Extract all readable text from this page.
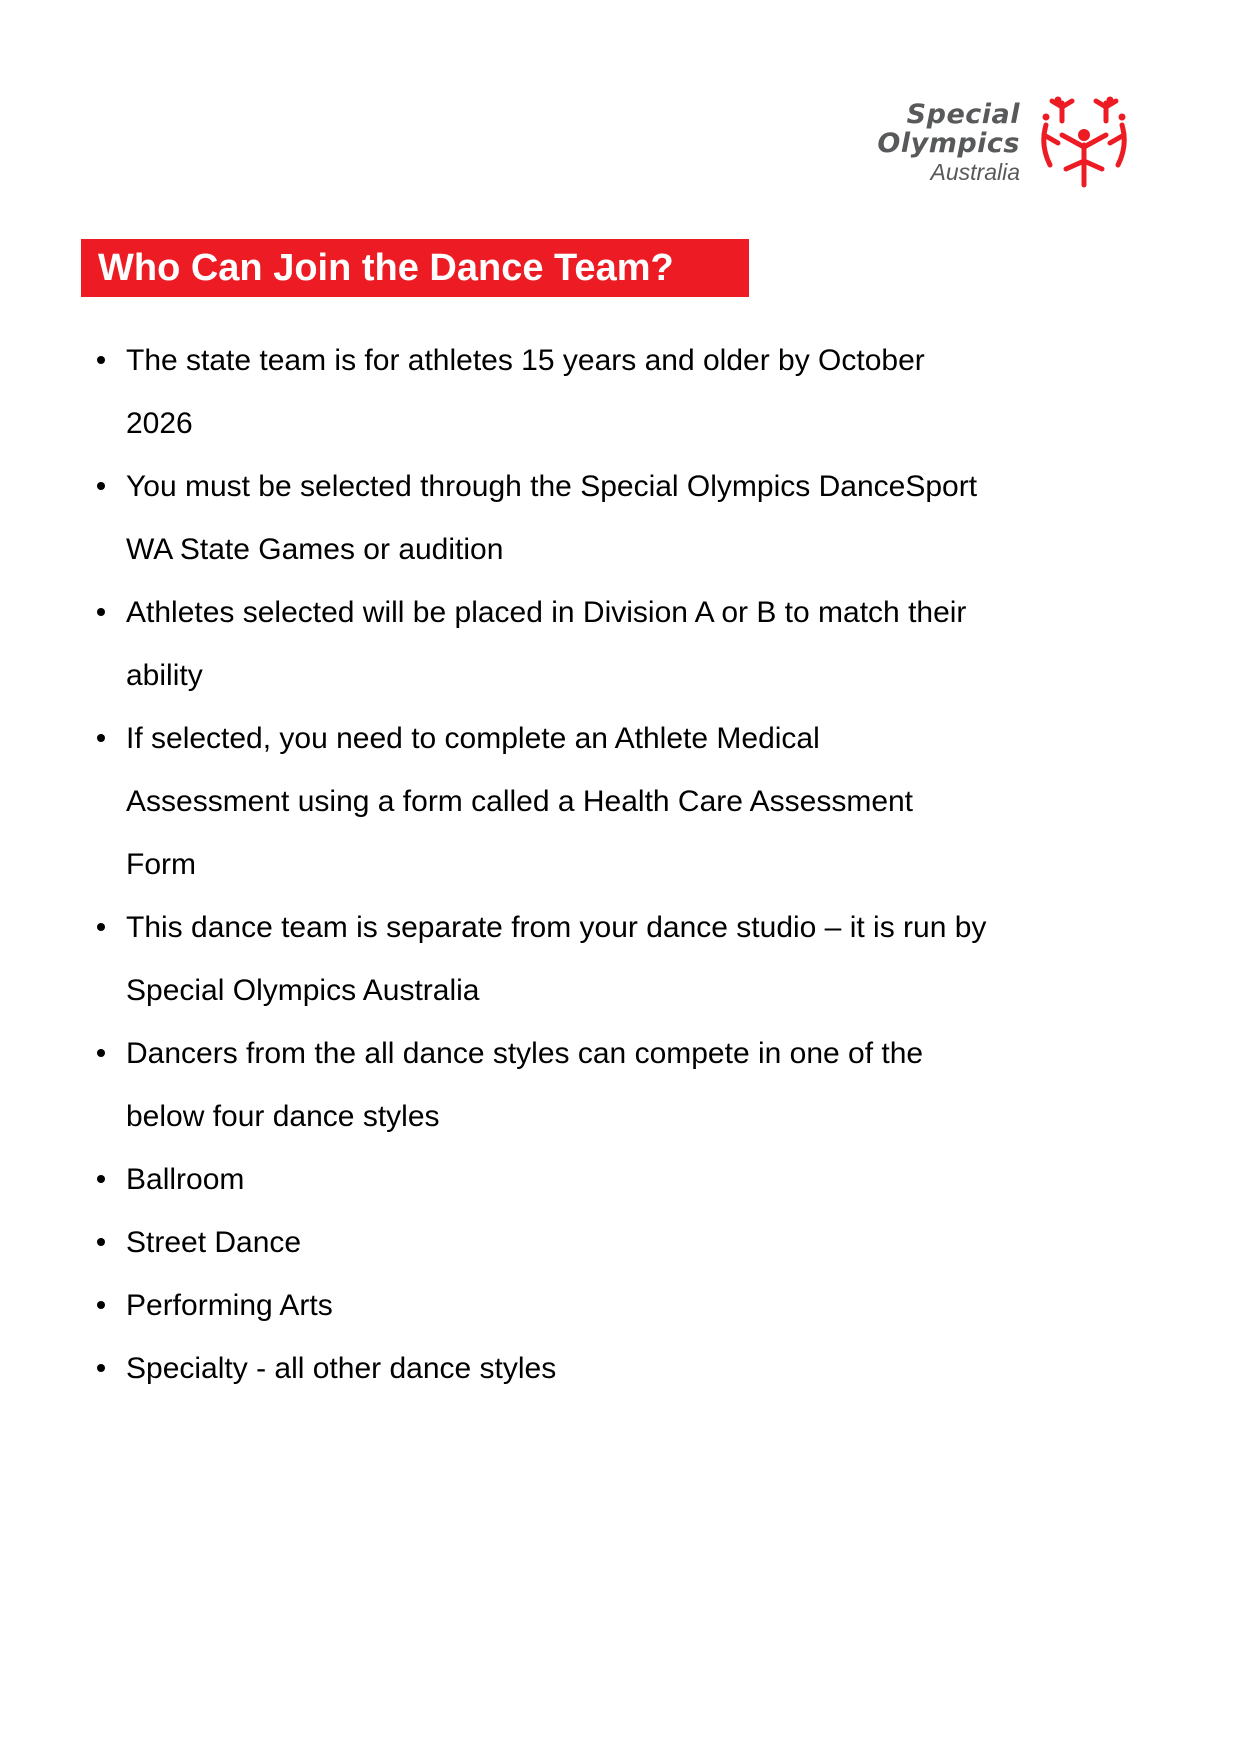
Special
Olympics
Australia
Who Can Join the Dance Team?
The state team is for athletes 15 years and older by October
2026
You must be selected through the Special Olympics DanceSport
WA State Games or audition
Athletes selected will be placed in Division A or B to match their
ability
If selected, you need to complete an Athlete Medical
Assessment using a form called a Health Care Assessment
Form
This dance team is separate from your dance studio – it is run by
Special Olympics Australia
Dancers from the all dance styles can compete in one of the
below four dance styles
Ballroom
Street Dance
Performing Arts
Specialty - all other dance styles
